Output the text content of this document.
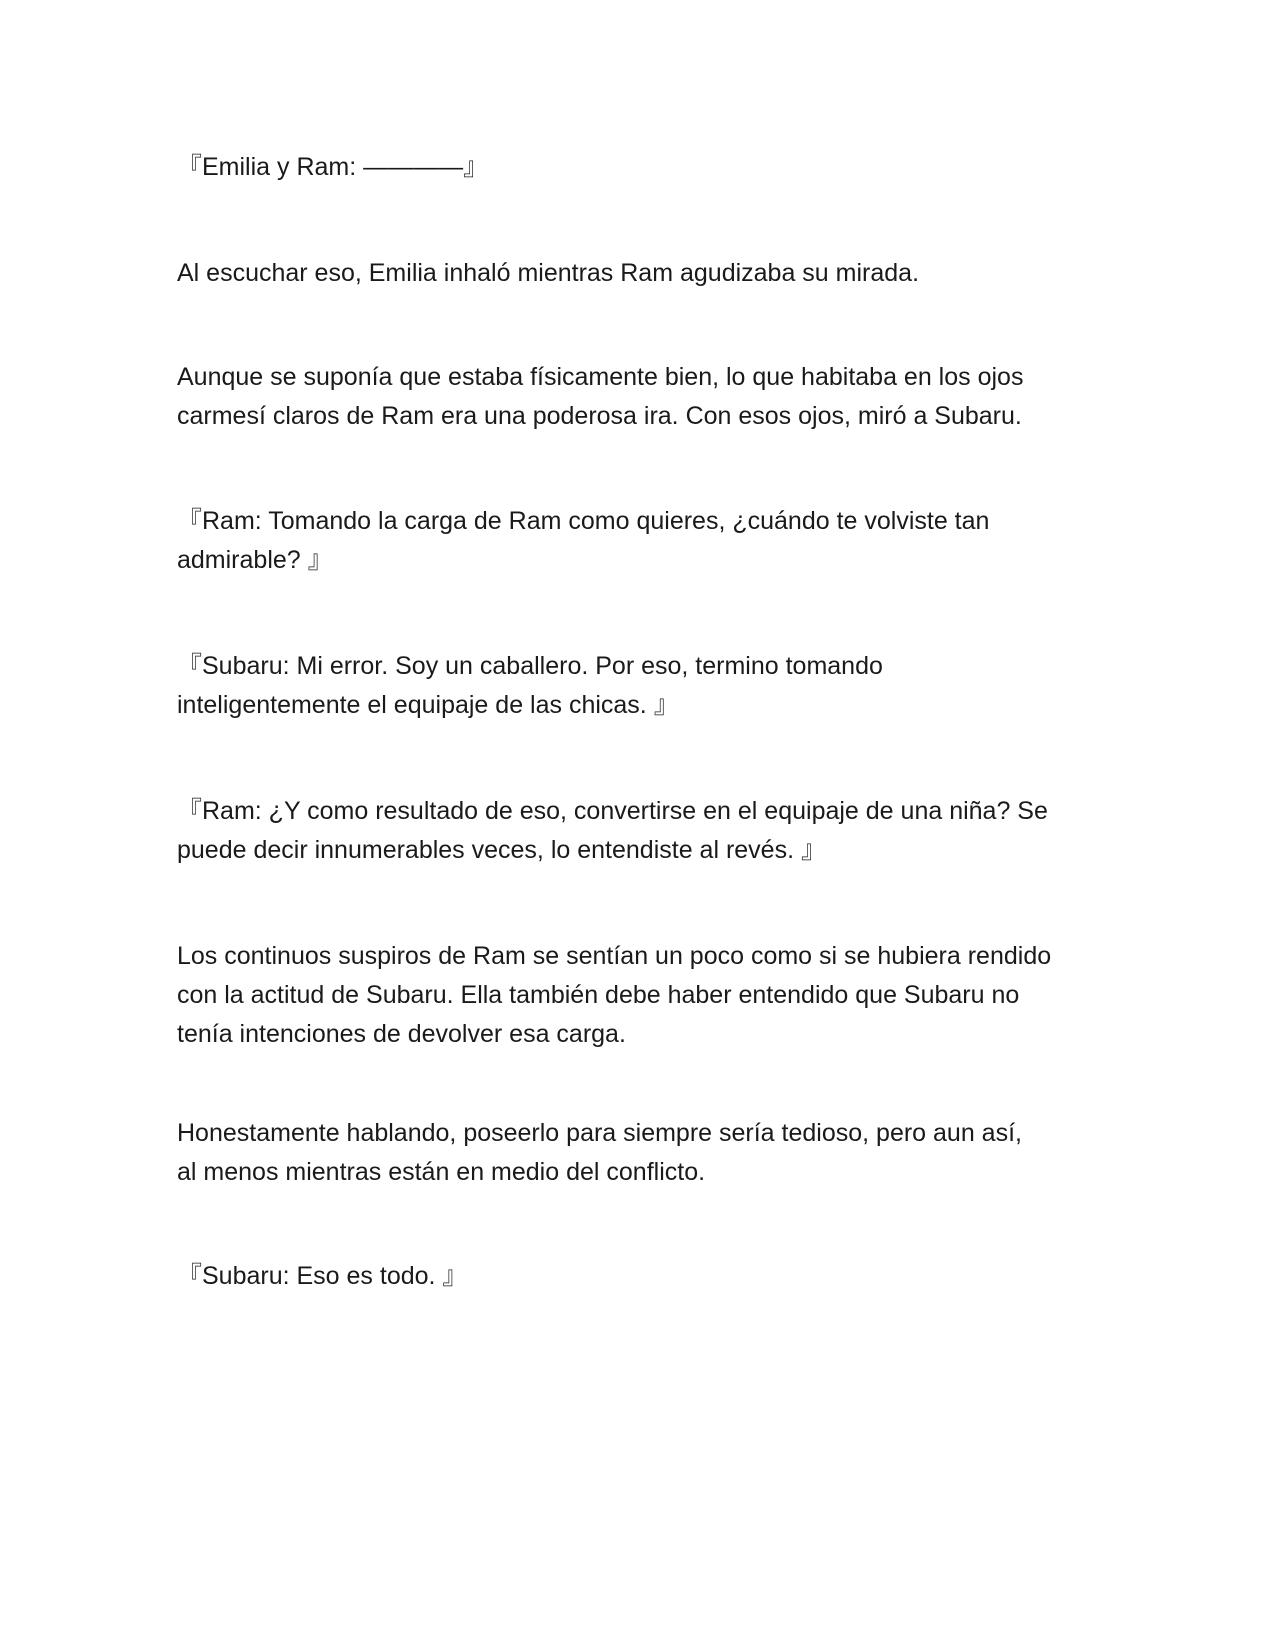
『Emilia y Ram: ————』

Al escuchar eso, Emilia inhaló mientras Ram agudizaba su mirada.

Aunque se suponía que estaba físicamente bien, lo que habitaba en los ojos
carmesí claros de Ram era una poderosa ira. Con esos ojos, miró a Subaru.

『Ram: Tomando la carga de Ram como quieres, ¿cuándo te volviste tan
admirable? 』

『Subaru: Mi error. Soy un caballero. Por eso, termino tomando
inteligentemente el equipaje de las chicas. 』

『Ram: ¿Y como resultado de eso, convertirse en el equipaje de una niña? Se
puede decir innumerables veces, lo entendiste al revés. 』

Los continuos suspiros de Ram se sentían un poco como si se hubiera rendido
con la actitud de Subaru. Ella también debe haber entendido que Subaru no
tenía intenciones de devolver esa carga.

Honestamente hablando, poseerlo para siempre sería tedioso, pero aun así,
al menos mientras están en medio del conflicto.

『Subaru: Eso es todo. 』
